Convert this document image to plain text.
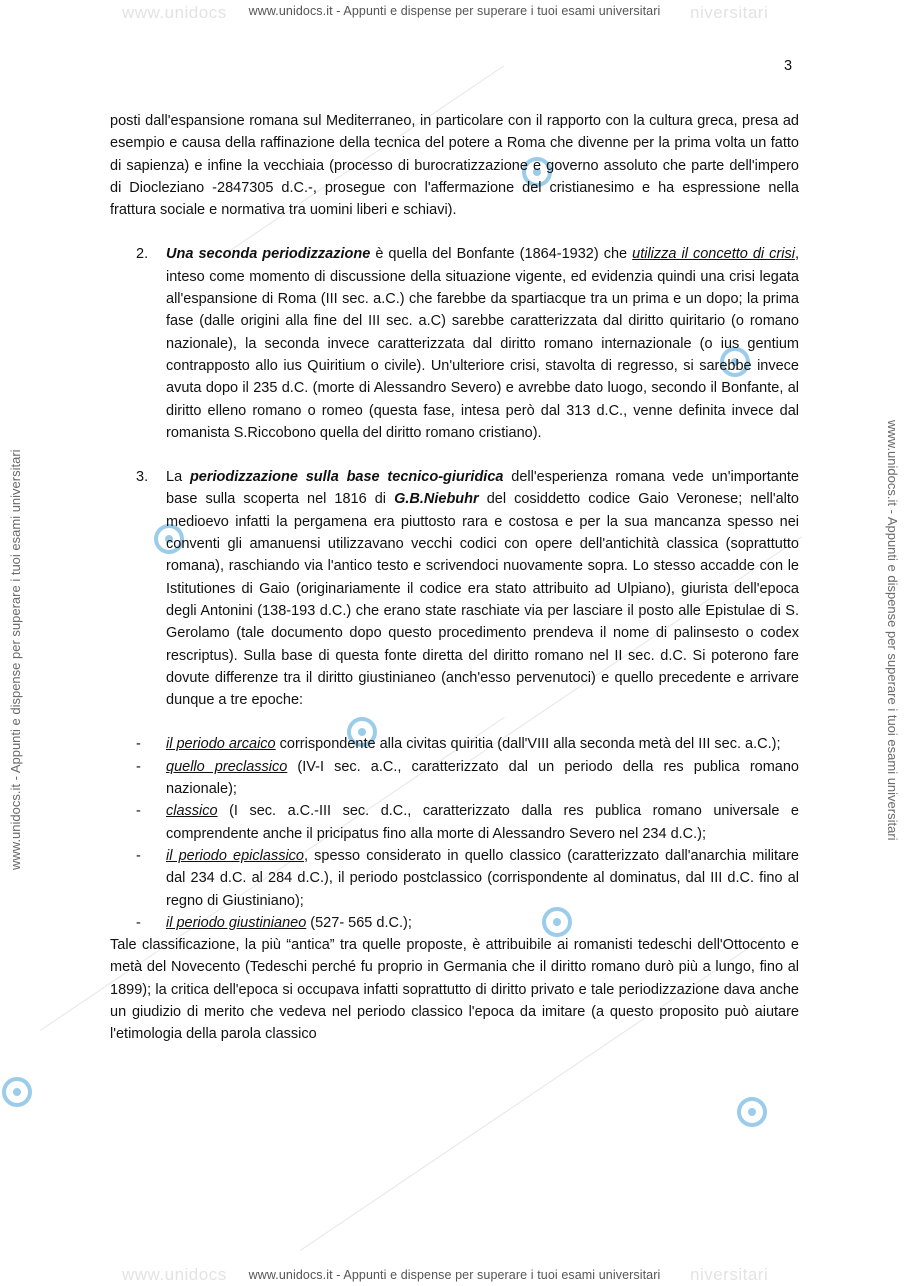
www.unidocs	niversitari
www.unidocs	niversitari
www.unidocs.it - Appunti e dispense per superare i tuoi esami universitari
www.unidocs.it - Appunti e dispense per superare i tuoi esami universitari
www.unidocs.it - Appunti e dispense per superare i tuoi esami universitari	www.unidocs.it - Appunti e dispense per superare i tuoi esami universitari
3

posti dall'espansione romana sul Mediterraneo, in particolare con il rapporto con la cultura greca, presa ad esempio e causa della raffinazione della tecnica del potere a Roma che divenne per la prima volta un fatto di sapienza) e infine la vecchiaia (processo di burocratizzazione e governo assoluto che parte dell'impero di Diocleziano -2847305 d.C.-, prosegue con l'affermazione del cristianesimo e ha espressione nella frattura sociale e normativa tra uomini liberi e schiavi).

2. Una seconda periodizzazione è quella del Bonfante (1864-1932) che utilizza il concetto di crisi, inteso come momento di discussione della situazione vigente, ed evidenzia quindi una crisi legata all'espansione di Roma (III sec. a.C.) che farebbe da spartiacque tra un prima e un dopo; la prima fase (dalle origini alla fine del III sec. a.C) sarebbe caratterizzata dal diritto quiritario (o romano nazionale), la seconda invece caratterizzata dal diritto romano internazionale (o ius gentium contrapposto allo ius Quiritium o civile). Un'ulteriore crisi, stavolta di regresso, si sarebbe invece avuta dopo il 235 d.C. (morte di Alessandro Severo) e avrebbe dato luogo, secondo il Bonfante, al diritto elleno romano o romeo (questa fase, intesa però dal 313 d.C., venne definita invece dal romanista S.Riccobono quella del diritto romano cristiano).

3. La periodizzazione sulla base tecnico-giuridica dell'esperienza romana vede un'importante base sulla scoperta nel 1816 di G.B.Niebuhr del cosiddetto codice Gaio Veronese; nell'alto medioevo infatti la pergamena era piuttosto rara e costosa e per la sua mancanza spesso nei conventi gli amanuensi utilizzavano vecchi codici con opere dell'antichità classica (soprattutto romana), raschiando via l'antico testo e scrivendoci nuovamente sopra. Lo stesso accadde con le Istitutiones di Gaio (originariamente il codice era stato attribuito ad Ulpiano), giurista dell'epoca degli Antonini (138-193 d.C.) che erano state raschiate via per lasciare il posto alle Epistulae di S. Gerolamo (tale documento dopo questo procedimento prendeva il nome di palinsesto o codex rescriptus). Sulla base di questa fonte diretta del diritto romano nel II sec. d.C. Si poterono fare dovute differenze tra il diritto giustinianeo (anch'esso pervenutoci) e quello precedente e arrivare dunque a tre epoche:

- il periodo arcaico corrispondente alla civitas quiritia (dall'VIII alla seconda metà del III sec. a.C.);
- quello preclassico (IV-I sec. a.C., caratterizzato dal un periodo della res publica romano nazionale);
- classico (I sec. a.C.-III sec. d.C., caratterizzato dalla res publica romano universale e comprendente anche il pricipatus fino alla morte di Alessandro Severo nel 234 d.C.);
- il periodo epiclassico, spesso considerato in quello classico (caratterizzato dall'anarchia militare dal 234 d.C. al 284 d.C.), il periodo postclassico (corrispondente al dominatus, dal III d.C. fino al regno di Giustiniano);
- il periodo giustinianeo (527- 565 d.C.);

Tale classificazione, la più “antica” tra quelle proposte, è attribuibile ai romanisti tedeschi dell'Ottocento e metà del Novecento (Tedeschi perché fu proprio in Germania che il diritto romano durò più a lungo, fino al 1899); la critica dell'epoca si occupava infatti soprattutto di diritto privato e tale periodizzazione dava anche un giudizio di merito che vedeva nel periodo classico l'epoca da imitare (a questo proposito può aiutare l'etimologia della parola classico
